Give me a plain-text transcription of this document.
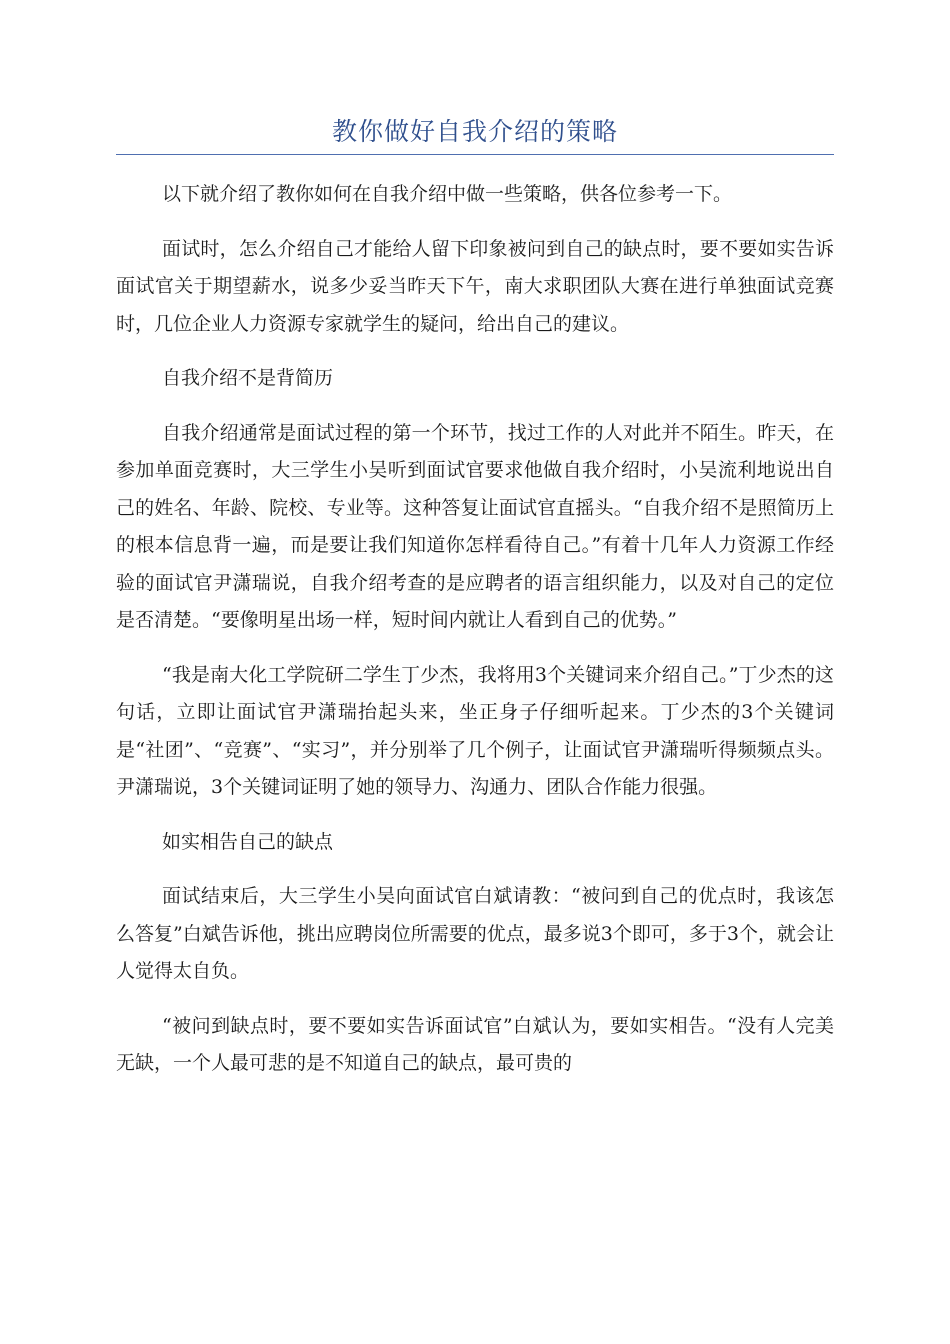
教你做好自我介绍的策略

以下就介绍了教你如何在自我介绍中做一些策略，供各位参考一下。

面试时，怎么介绍自己才能给人留下印象被问到自己的缺点时，要不要如实告诉面试官关于期望薪水，说多少妥当昨天下午，南大求职团队大赛在进行单独面试竞赛时，几位企业人力资源专家就学生的疑问，给出自己的建议。

自我介绍不是背简历

自我介绍通常是面试过程的第一个环节，找过工作的人对此并不陌生。昨天，在参加单面竞赛时，大三学生小吴听到面试官要求他做自我介绍时，小吴流利地说出自己的姓名、年龄、院校、专业等。这种答复让面试官直摇头。“自我介绍不是照简历上的根本信息背一遍，而是要让我们知道你怎样看待自己。”有着十几年人力资源工作经验的面试官尹潇瑞说，自我介绍考查的是应聘者的语言组织能力，以及对自己的定位是否清楚。“要像明星出场一样，短时间内就让人看到自己的优势。”

“我是南大化工学院研二学生丁少杰，我将用3个关键词来介绍自己。”丁少杰的这句话，立即让面试官尹潇瑞抬起头来，坐正身子仔细听起来。丁少杰的3个关键词是“社团”、“竞赛”、“实习”，并分别举了几个例子，让面试官尹潇瑞听得频频点头。尹潇瑞说，3个关键词证明了她的领导力、沟通力、团队合作能力很强。

如实相告自己的缺点

面试结束后，大三学生小吴向面试官白斌请教：“被问到自己的优点时，我该怎么答复”白斌告诉他，挑出应聘岗位所需要的优点，最多说3个即可，多于3个，就会让人觉得太自负。

“被问到缺点时，要不要如实告诉面试官”白斌认为，要如实相告。“没有人完美无缺，一个人最可悲的是不知道自己的缺点，最可贵的
